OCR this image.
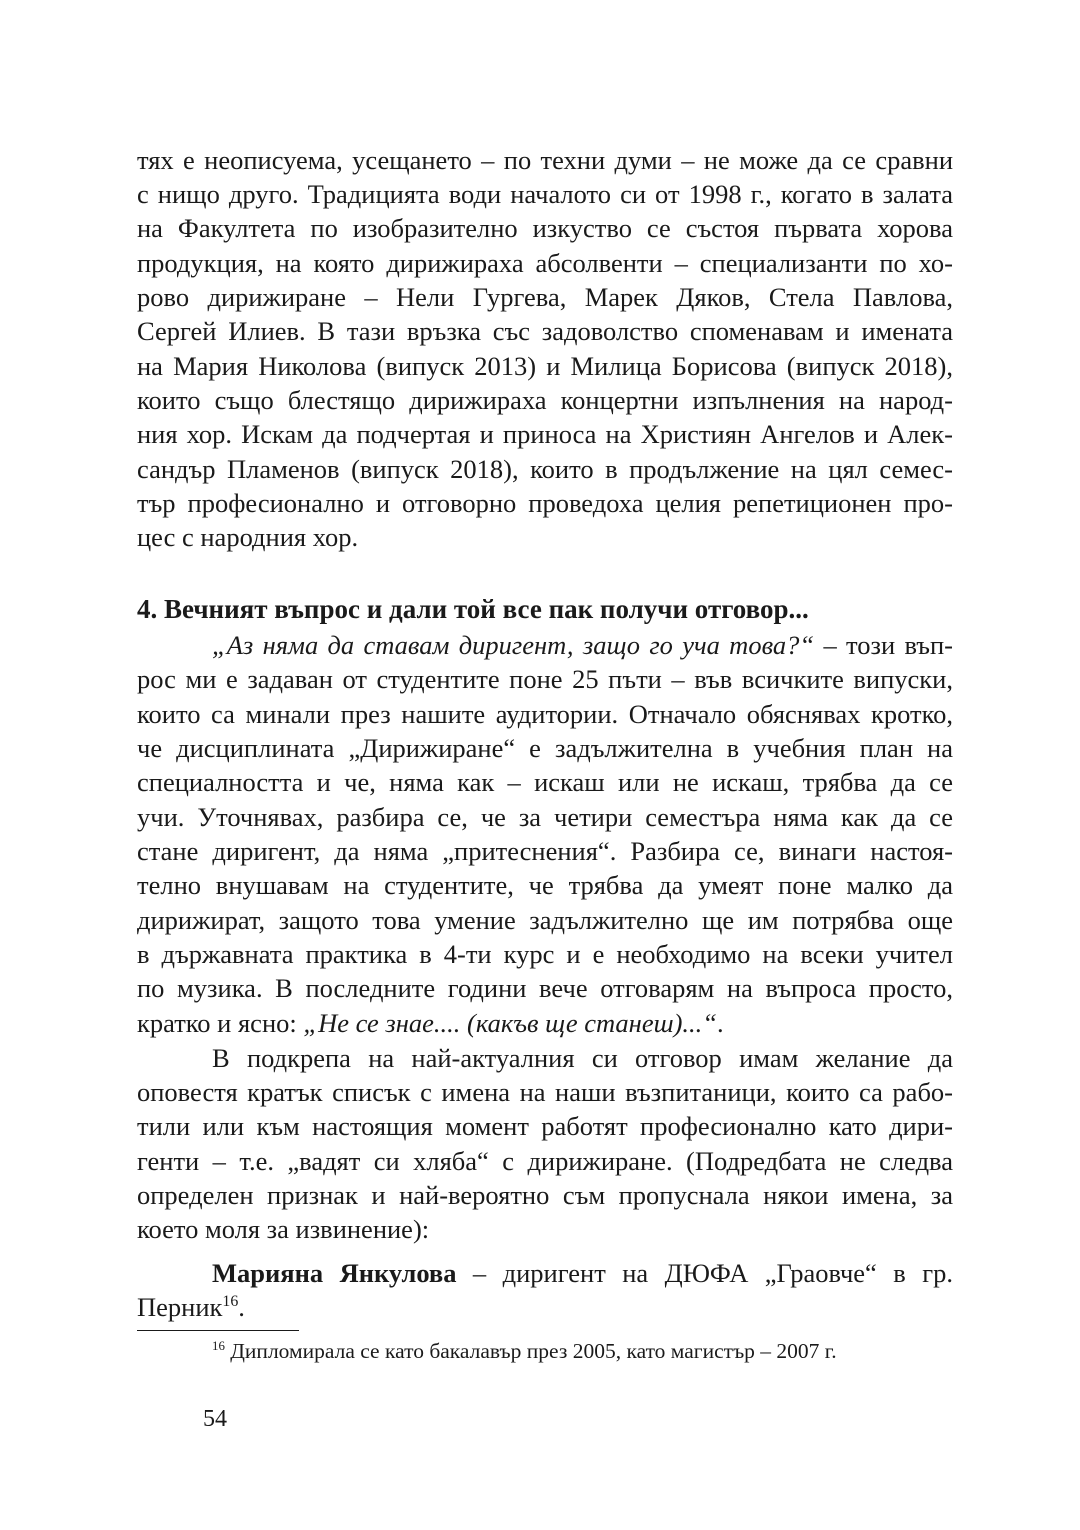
тях е неописуема, усещането – по техни думи – не може да се сравни
с нищо друго. Традицията води началото си от 1998 г., когато в залата
на Факултета по изобразително изкуство се състоя първата хорова
продукция, на която дирижираха абсолвенти – специализанти по хо-
рово дирижиране – Нели Гургева, Марек Дяков, Стела Павлова,
Сергей Илиев. В тази връзка със задоволство споменавам и имената
на Мария Николова (випуск 2013) и Милица Борисова (випуск 2018),
които също блестящо дирижираха концертни изпълнения на народ-
ния хор. Искам да подчертая и приноса на Християн Ангелов и Алек-
сандър Пламенов (випуск 2018), които в продължение на цял семес-
тър професионално и отговорно проведоха целия репетиционен про-
цес с народния хор.
4. Вечният въпрос и дали той все пак получи отговор...
„Аз няма да ставам диригент, защо го уча това?“ – този въп-
рос ми е задаван от студентите поне 25 пъти – във всичките випуски,
които са минали през нашите аудитории. Отначало обяснявах кротко,
че дисциплината „Дирижиране“ е задължителна в учебния план на
специалността и че, няма как – искаш или не искаш, трябва да се
учи. Уточнявах, разбира се, че за четири семестъра няма как да се
стане диригент, да няма „притеснения“. Разбира се, винаги настоя-
телно внушавам на студентите, че трябва да умеят поне малко да
дирижират, защото това умение задължително ще им потрябва още
в държавната практика в 4-ти курс и е необходимо на всеки учител
по музика. В последните години вече отговарям на въпроса просто,
кратко и ясно: „Не се знае.... (какъв ще станеш)...“.
В подкрепа на най-актуалния си отговор имам желание да
оповестя кратък списък с имена на наши възпитаници, които са рабо-
тили или към настоящия момент работят професионално като дири-
генти – т.е. „вадят си хляба“ с дирижиране. (Подредбата не следва
определен признак и най-вероятно съм пропуснала някои имена, за
което моля за извинение):
Марияна Янкулова – диригент на ДЮФА „Граовче“ в гр.
Перник$^{16}$.
$^{16}$ Дипломирала се като бакалавър през 2005, като магистър – 2007 г.
54
